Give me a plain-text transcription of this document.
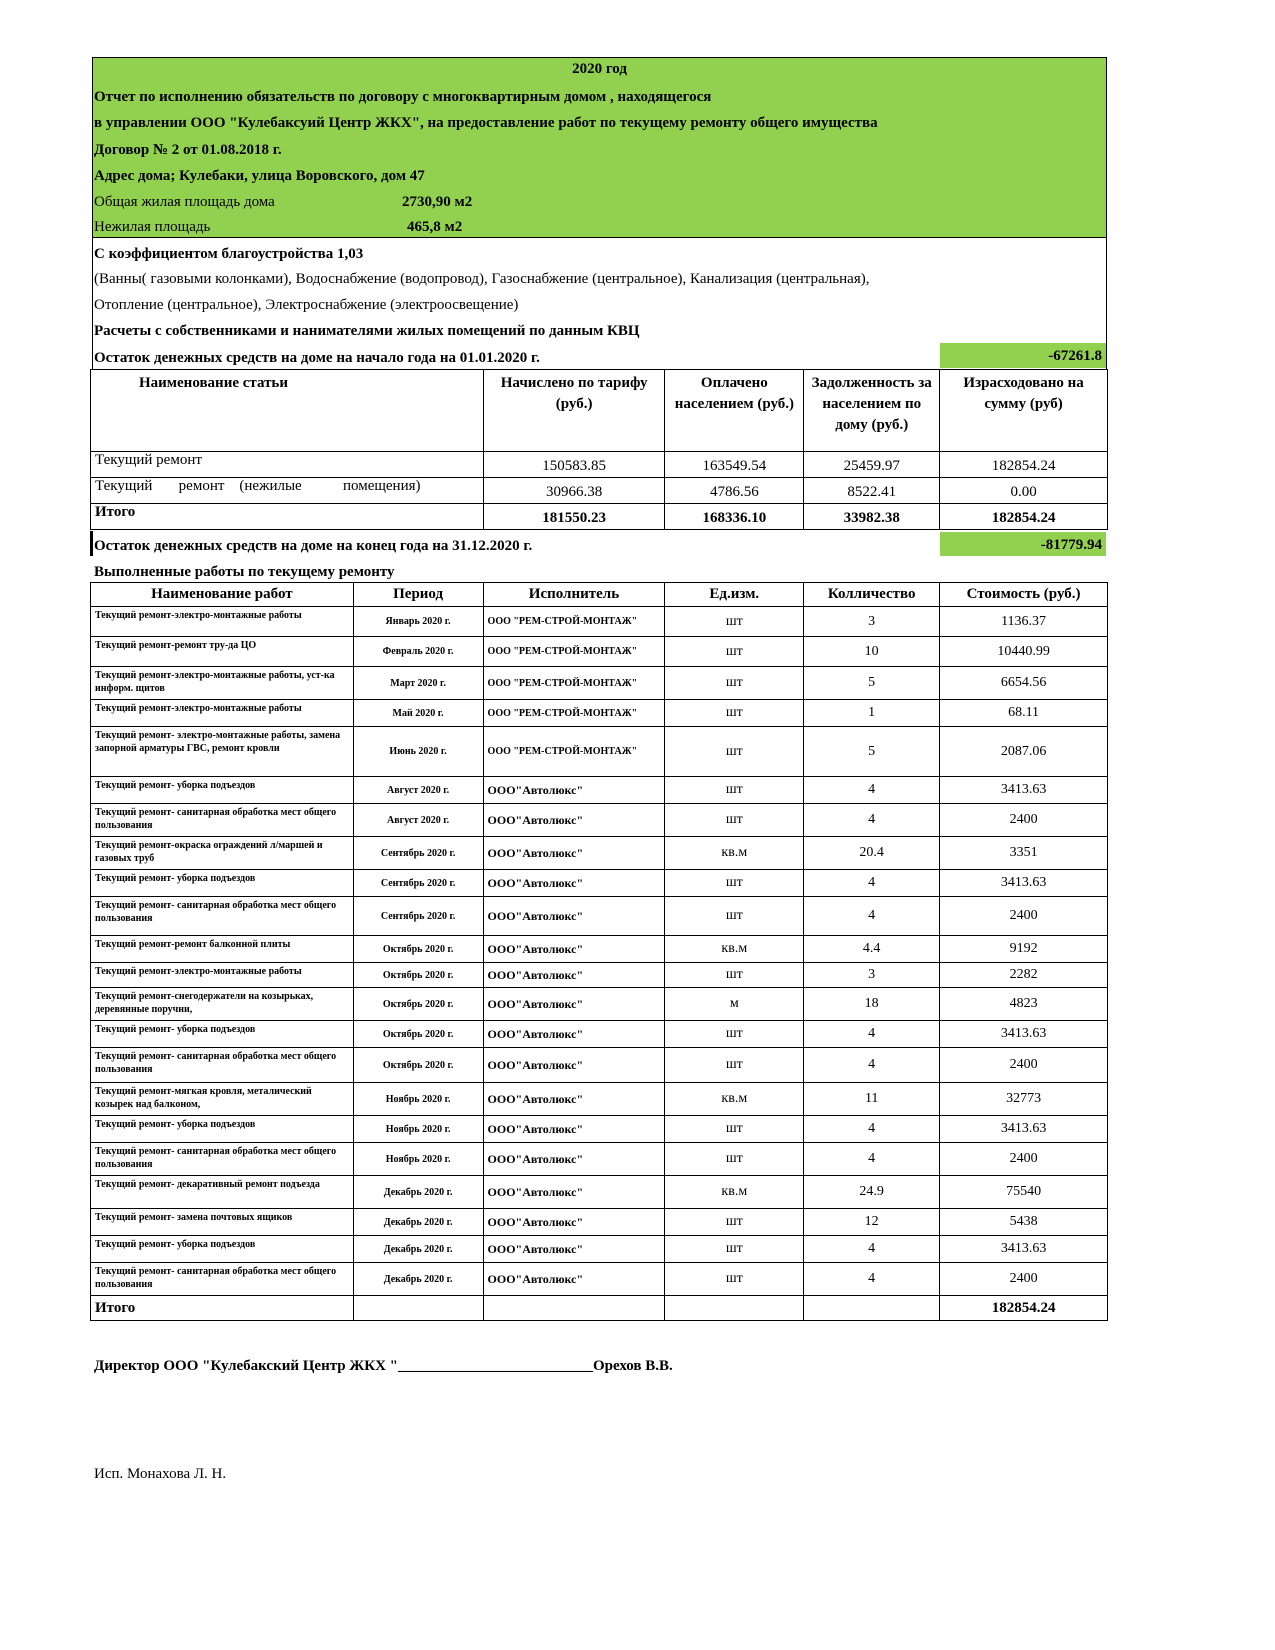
2020 год
Отчет по исполнению обязательств по договору с многоквартирным домом , находящегося
в управлении ООО "Кулебаксуий Центр ЖКХ", на предоставление работ по текущему ремонту общего имущества
Договор № 2 от 01.08.2018 г.
Адрес дома; Кулебаки, улица Воровского, дом 47
Общая жилая площадь дома	2730,90 м2
Нежилая площадь	465,8 м2
С коэффициентом благоустройства 1,03
(Ванны( газовыми колонками), Водоснабжение (водопровод), Газоснабжение (центральное), Канализация (центральная),
Отопление (центральное), Электроснабжение (электроосвещение)
Расчеты с собственниками и нанимателями жилых помещений по данным КВЦ
Остаток денежных средств на доме на начало года на 01.01.2020 г.	-67261.8
Наименование статьи	Начислено по тарифу (руб.)	Оплачено населением (руб.)	Задолженность за населением по дому (руб.)	Израсходовано на сумму (руб)
Текущий ремонт	150583.85	163549.54	25459.97	182854.24
Текущий       ремонт    (нежилые           помещения)	30966.38	4786.56	8522.41	0.00
Итого	181550.23	168336.10	33982.38	182854.24
Остаток денежных средств на доме на конец года на 31.12.2020 г.	-81779.94
Выполненные работы по текущему ремонту
Наименование работ	Период	Исполнитель	Ед.изм.	Колличество	Стоимость (руб.)
Текущий ремонт-электро-монтажные работы	Январь 2020 г.	ООО "РЕМ-СТРОЙ-МОНТАЖ"	шт	3	1136.37
Текущий ремонт-ремонт тру-да ЦО	Февраль 2020 г.	ООО "РЕМ-СТРОЙ-МОНТАЖ"	шт	10	10440.99
Текущий ремонт-электро-монтажные работы, уст-ка информ. щитов	Март 2020 г.	ООО "РЕМ-СТРОЙ-МОНТАЖ"	шт	5	6654.56
Текущий ремонт-электро-монтажные работы	Май 2020 г.	ООО "РЕМ-СТРОЙ-МОНТАЖ"	шт	1	68.11
Текущий ремонт- электро-монтажные работы, замена запорной арматуры ГВС, ремонт кровли	Июнь 2020 г.	ООО "РЕМ-СТРОЙ-МОНТАЖ"	шт	5	2087.06
Текущий ремонт- уборка подъездов	Август 2020 г.	ООО"Автолюкс"	шт	4	3413.63
Текущий ремонт- санитарная обработка мест общего пользования	Август 2020 г.	ООО"Автолюкс"	шт	4	2400
Текущий ремонт-окраска ограждений л/маршей и газовых труб	Сентябрь 2020 г.	ООО"Автолюкс"	кв.м	20.4	3351
Текущий ремонт- уборка подъездов	Сентябрь 2020 г.	ООО"Автолюкс"	шт	4	3413.63
Текущий ремонт- санитарная обработка мест общего пользования	Сентябрь 2020 г.	ООО"Автолюкс"	шт	4	2400
Текущий ремонт-ремонт балконной плиты	Октябрь 2020 г.	ООО"Автолюкс"	кв.м	4.4	9192
Текущий ремонт-электро-монтажные работы	Октябрь 2020 г.	ООО"Автолюкс"	шт	3	2282
Текущий ремонт-снегодержатели на козырьках, деревянные поручни,	Октябрь 2020 г.	ООО"Автолюкс"	м	18	4823
Текущий ремонт- уборка подъездов	Октябрь 2020 г.	ООО"Автолюкс"	шт	4	3413.63
Текущий ремонт- санитарная обработка мест общего пользования	Октябрь 2020 г.	ООО"Автолюкс"	шт	4	2400
Текущий ремонт-мягкая кровля, металический козырек над балконом,	Ноябрь 2020 г.	ООО"Автолюкс"	кв.м	11	32773
Текущий ремонт- уборка подъездов	Ноябрь 2020 г.	ООО"Автолюкс"	шт	4	3413.63
Текущий ремонт- санитарная обработка мест общего пользования	Ноябрь 2020 г.	ООО"Автолюкс"	шт	4	2400
Текущий ремонт- декаративный ремонт подъезда	Декабрь 2020 г.	ООО"Автолюкс"	кв.м	24.9	75540
Текущий ремонт- замена почтовых ящиков	Декабрь 2020 г.	ООО"Автолюкс"	шт	12	5438
Текущий ремонт- уборка подъездов	Декабрь 2020 г.	ООО"Автолюкс"	шт	4	3413.63
Текущий ремонт- санитарная обработка мест общего пользования	Декабрь 2020 г.	ООО"Автолюкс"	шт	4	2400
Итого					182854.24
Директор ООО "Кулебакский Центр ЖКХ "__________________________Орехов В.В.
Исп. Монахова Л. Н.
